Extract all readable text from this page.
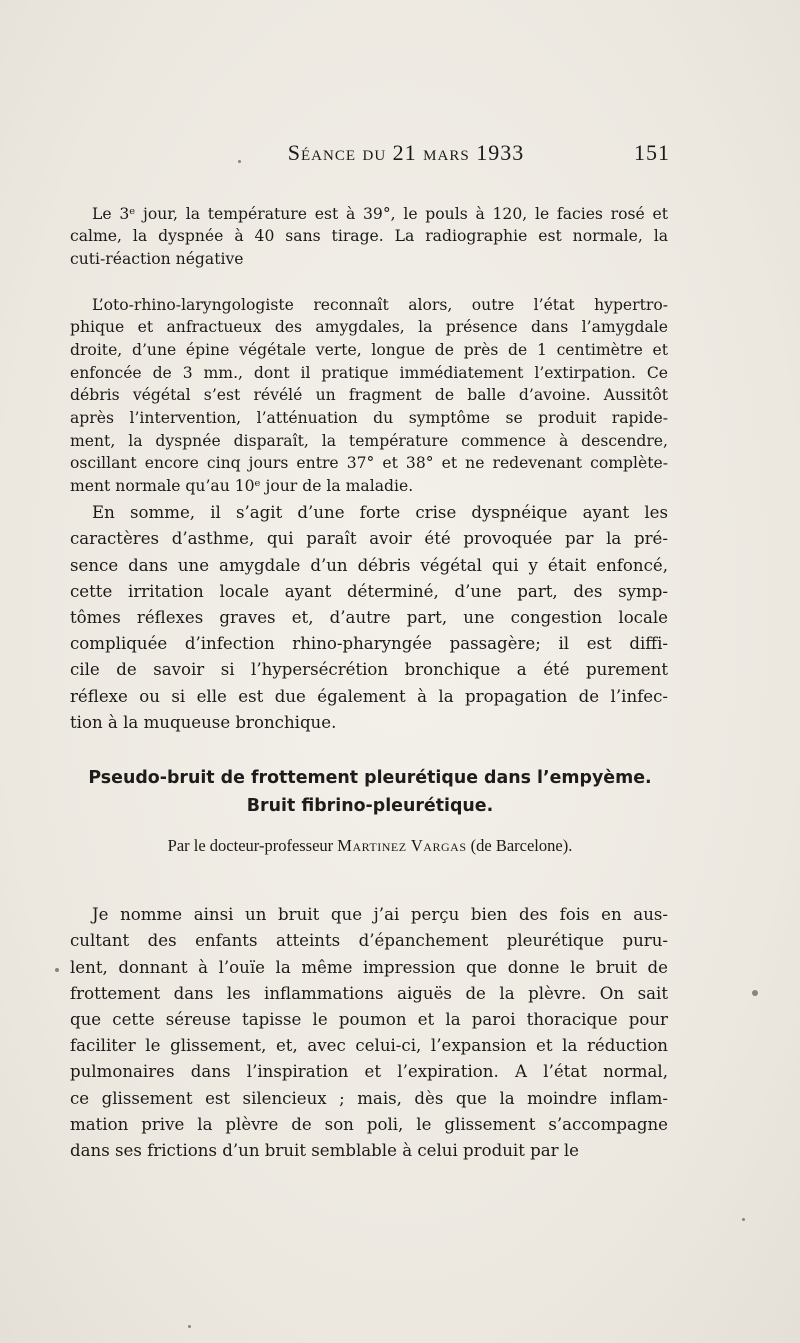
Séance du 21 mars 1933	151

Le 3ᵉ jour, la température est à 39°, le pouls à 120, le facies rosé et
calme, la dyspnée à 40 sans tirage. La radiographie est normale, la
cuti-réaction négative

L’oto-rhino-laryngologiste reconnaît alors, outre l’état hypertro-
phique et anfractueux des amygdales, la présence dans l’amygdale
droite, d’une épine végétale verte, longue de près de 1 centimètre et
enfoncée de 3 mm., dont il pratique immédiatement l’extirpation. Ce
débris végétal s’est révélé un fragment de balle d’avoine. Aussitôt
après l’intervention, l’atténuation du symptôme se produit rapide-
ment, la dyspnée disparaît, la température commence à descendre,
oscillant encore cinq jours entre 37° et 38° et ne redevenant complète-
ment normale qu’au 10ᵉ jour de la maladie.

En somme, il s’agit d’une forte crise dyspnéique ayant les
caractères d’asthme, qui paraît avoir été provoquée par la pré-
sence dans une amygdale d’un débris végétal qui y était enfoncé,
cette irritation locale ayant déterminé, d’une part, des symp-
tômes réflexes graves et, d’autre part, une congestion locale
compliquée d’infection rhino-pharyngée passagère; il est diffi-
cile de savoir si l’hypersécrétion bronchique a été purement
réflexe ou si elle est due également à la propagation de l’infec-
tion à la muqueuse bronchique.

Pseudo-bruit de frottement pleurétique dans l’empyème.
Bruit fibrino-pleurétique.
Par le docteur-professeur Martinez Vargas (de Barcelone).

Je nomme ainsi un bruit que j’ai perçu bien des fois en aus-
cultant des enfants atteints d’épanchement pleurétique puru-
lent, donnant à l’ouïe la même impression que donne le bruit de
frottement dans les inflammations aiguës de la plèvre. On sait
que cette séreuse tapisse le poumon et la paroi thoracique pour
faciliter le glissement, et, avec celui-ci, l’expansion et la réduction
pulmonaires dans l’inspiration et l’expiration. A l’état normal,
ce glissement est silencieux ; mais, dès que la moindre inflam-
mation prive la plèvre de son poli, le glissement s’accompagne
dans ses frictions d’un bruit semblable à celui produit par le
